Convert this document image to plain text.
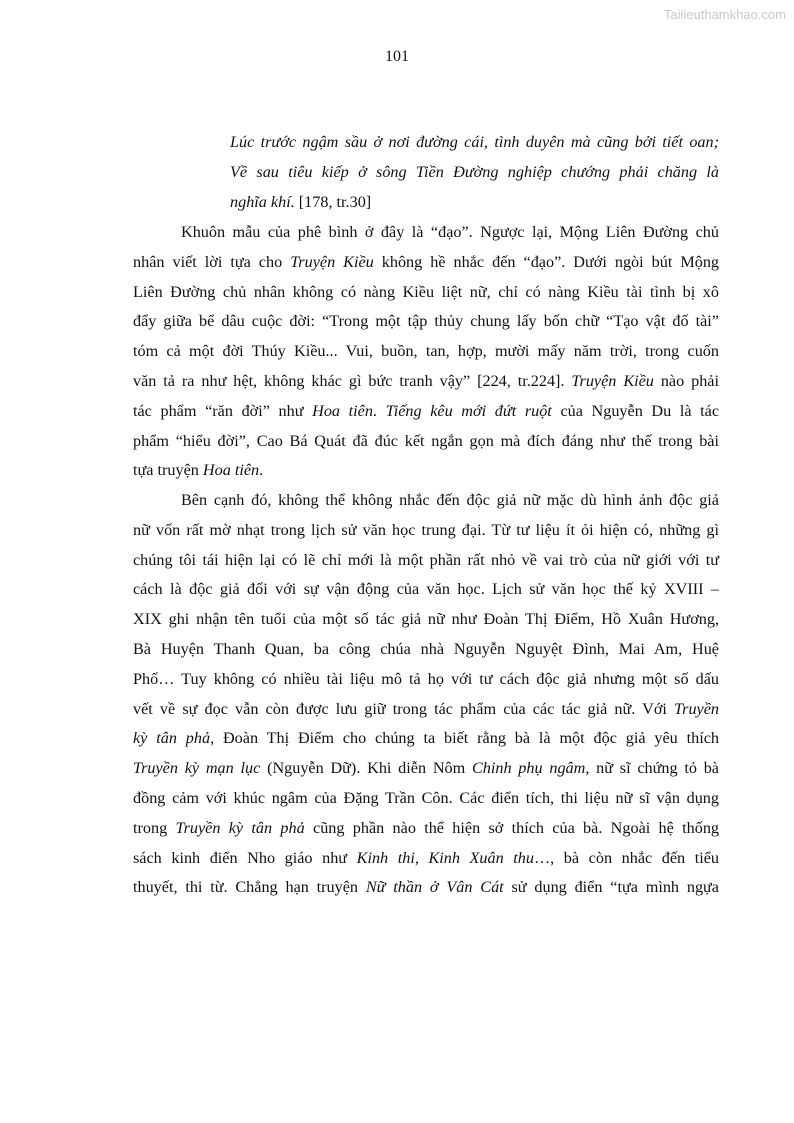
Tailieuthamkhao.com
101
Lúc trước ngậm sầu ở nơi đường cái, tình duyên mà cũng bởi tiết oan;
Về sau tiêu kiếp ở sông Tiền Đường nghiệp chướng phải chăng là
nghĩa khí. [178, tr.30]
Khuôn mẫu của phê bình ở đây là “đạo”. Ngược lại, Mộng Liên Đường chủ
nhân viết lời tựa cho Truyện Kiều không hề nhắc đến “đạo”. Dưới ngòi bút Mộng
Liên Đường chủ nhân không có nàng Kiều liệt nữ, chỉ có nàng Kiều tài tình bị xô
đẩy giữa bể dâu cuộc đời: “Trong một tập thủy chung lấy bốn chữ “Tạo vật đố tài”
tóm cả một đời Thúy Kiều... Vui, buồn, tan, hợp, mười mấy năm trời, trong cuốn
văn tả ra như hệt, không khác gì bức tranh vậy” [224, tr.224]. Truyện Kiều nào phải
tác phẩm “răn đời” như Hoa tiên. Tiếng kêu mới đứt ruột của Nguyễn Du là tác
phẩm “hiểu đời”, Cao Bá Quát đã đúc kết ngắn gọn mà đích đáng như thế trong bài
tựa truyện Hoa tiên.
Bên cạnh đó, không thể không nhắc đến độc giả nữ mặc dù hình ảnh độc giả
nữ vốn rất mờ nhạt trong lịch sử văn học trung đại. Từ tư liệu ít ỏi hiện có, những gì
chúng tôi tái hiện lại có lẽ chỉ mới là một phần rất nhỏ về vai trò của nữ giới với tư
cách là độc giả đối với sự vận động của văn học. Lịch sử văn học thế kỷ XVIII –
XIX ghi nhận tên tuổi của một số tác giả nữ như Đoàn Thị Điểm, Hồ Xuân Hương,
Bà Huyện Thanh Quan, ba công chúa nhà Nguyễn Nguyệt Đình, Mai Am, Huệ
Phố… Tuy không có nhiều tài liệu mô tả họ với tư cách độc giả nhưng một số dấu
vết về sự đọc vẫn còn được lưu giữ trong tác phẩm của các tác giả nữ. Với Truyền
kỳ tân phả, Đoàn Thị Điểm cho chúng ta biết rằng bà là một độc giả yêu thích
Truyền kỳ mạn lục (Nguyễn Dữ). Khi diễn Nôm Chinh phụ ngâm, nữ sĩ chứng tỏ bà
đồng cảm với khúc ngâm của Đặng Trần Côn. Các điển tích, thi liệu nữ sĩ vận dụng
trong Truyền kỳ tân phả cũng phần nào thể hiện sở thích của bà. Ngoài hệ thống
sách kinh điển Nho giáo như Kinh thi, Kinh Xuân thu…, bà còn nhắc đến tiểu
thuyết, thi từ. Chẳng hạn truyện Nữ thần ở Vân Cát sử dụng điển “tựa mình ngựa
